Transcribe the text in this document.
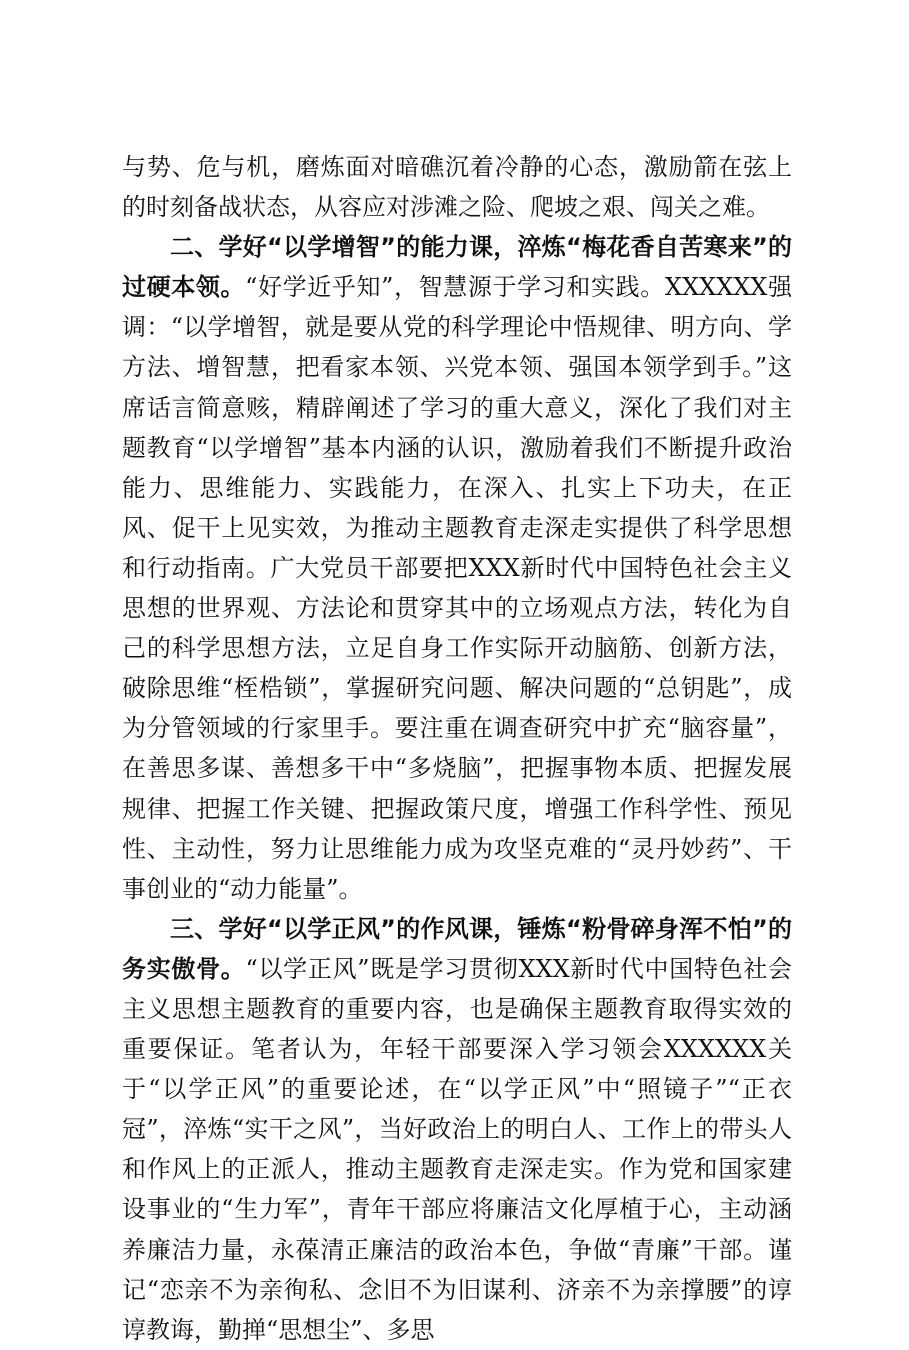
与势、危与机，磨炼面对暗礁沉着冷静的心态，激励箭在弦上的时刻备战状态，从容应对涉滩之险、爬坡之艰、闯关之难。

二、学好“以学增智”的能力课，淬炼“梅花香自苦寒来”的过硬本领。“好学近乎知”，智慧源于学习和实践。XXXXXX强调：“以学增智，就是要从党的科学理论中悟规律、明方向、学方法、增智慧，把看家本领、兴党本领、强国本领学到手。”这席话言简意赅，精辟阐述了学习的重大意义，深化了我们对主题教育“以学增智”基本内涵的认识，激励着我们不断提升政治能力、思维能力、实践能力，在深入、扎实上下功夫，在正风、促干上见实效，为推动主题教育走深走实提供了科学思想和行动指南。广大党员干部要把XXX新时代中国特色社会主义思想的世界观、方法论和贯穿其中的立场观点方法，转化为自己的科学思想方法，立足自身工作实际开动脑筋、创新方法，破除思维“桎梏锁”，掌握研究问题、解决问题的“总钥匙”，成为分管领域的行家里手。要注重在调查研究中扩充“脑容量”，在善思多谋、善想多干中“多烧脑”，把握事物本质、把握发展规律、把握工作关键、把握政策尺度，增强工作科学性、预见性、主动性，努力让思维能力成为攻坚克难的“灵丹妙药”、干事创业的“动力能量”。

三、学好“以学正风”的作风课，锤炼“粉骨碎身浑不怕”的务实傲骨。“以学正风”既是学习贯彻XXX新时代中国特色社会主义思想主题教育的重要内容，也是确保主题教育取得实效的重要保证。笔者认为，年轻干部要深入学习领会XXXXXX关于“以学正风”的重要论述，在“以学正风”中“照镜子”“正衣冠”，淬炼“实干之风”，当好政治上的明白人、工作上的带头人和作风上的正派人，推动主题教育走深走实。作为党和国家建设事业的“生力军”，青年干部应将廉洁文化厚植于心，主动涵养廉洁力量，永葆清正廉洁的政治本色，争做“青廉”干部。谨记“恋亲不为亲徇私、念旧不为旧谋利、济亲不为亲撑腰”的谆谆教诲，勤掸“思想尘”、多思
